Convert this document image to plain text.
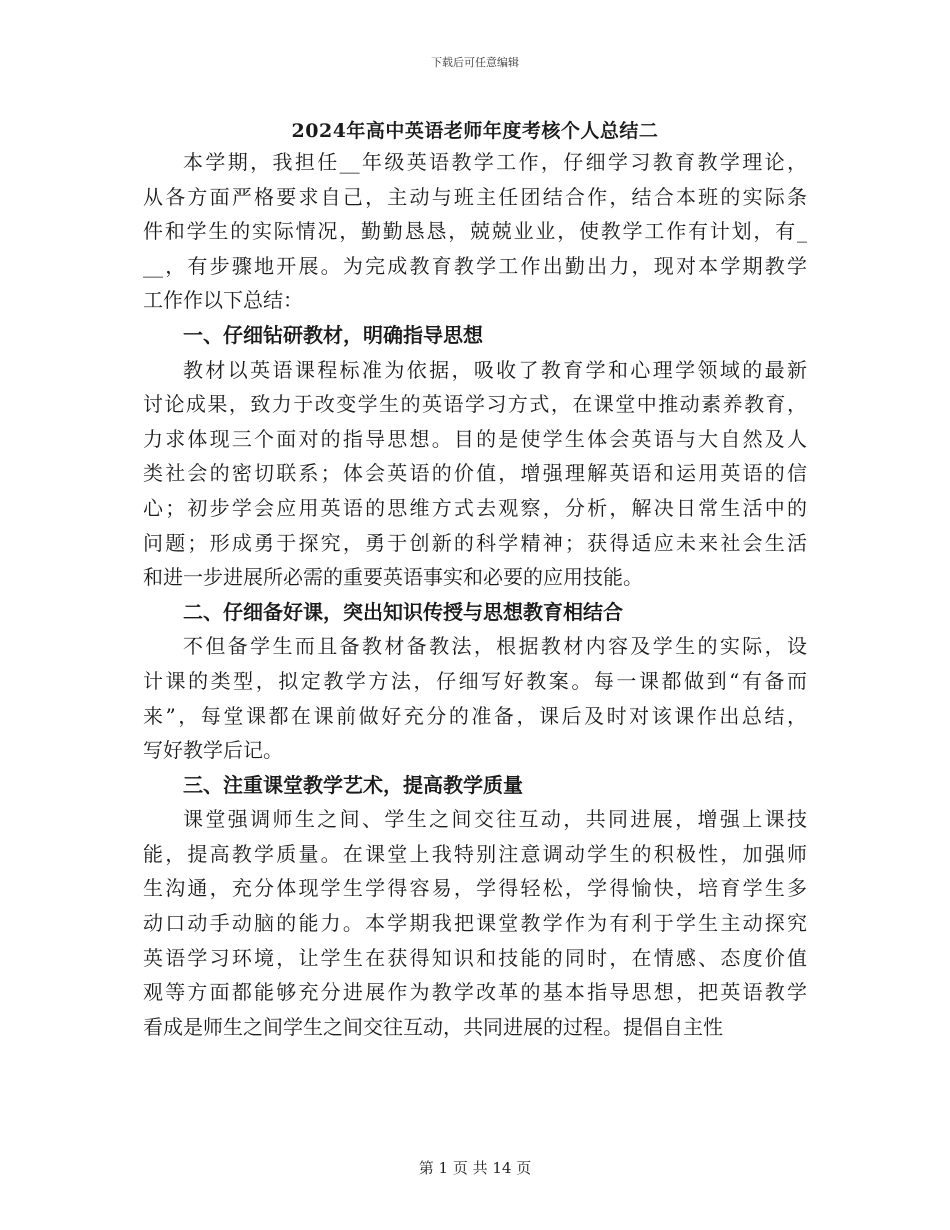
下载后可任意编辑
2024年高中英语老师年度考核个人总结二
本学期，我担任__年级英语教学工作，仔细学习教育教学理论，
从各方面严格要求自己，主动与班主任团结合作，结合本班的实际条
件和学生的实际情况，勤勤恳恳，兢兢业业，使教学工作有计划，有_
__，有步骤地开展。为完成教育教学工作出勤出力，现对本学期教学
工作作以下总结：
一、仔细钻研教材，明确指导思想
教材以英语课程标准为依据，吸收了教育学和心理学领域的最新
讨论成果，致力于改变学生的英语学习方式，在课堂中推动素养教育，
力求体现三个面对的指导思想。目的是使学生体会英语与大自然及人
类社会的密切联系；体会英语的价值，增强理解英语和运用英语的信
心；初步学会应用英语的思维方式去观察，分析，解决日常生活中的
问题；形成勇于探究，勇于创新的科学精神；获得适应未来社会生活
和进一步进展所必需的重要英语事实和必要的应用技能。
二、仔细备好课，突出知识传授与思想教育相结合
不但备学生而且备教材备教法，根据教材内容及学生的实际，设
计课的类型，拟定教学方法，仔细写好教案。每一课都做到“有备而
来”，每堂课都在课前做好充分的准备，课后及时对该课作出总结，
写好教学后记。
三、注重课堂教学艺术，提高教学质量
课堂强调师生之间、学生之间交往互动，共同进展，增强上课技
能，提高教学质量。在课堂上我特别注意调动学生的积极性，加强师
生沟通，充分体现学生学得容易，学得轻松，学得愉快，培育学生多
动口动手动脑的能力。本学期我把课堂教学作为有利于学生主动探究
英语学习环境，让学生在获得知识和技能的同时，在情感、态度价值
观等方面都能够充分进展作为教学改革的基本指导思想，把英语教学
看成是师生之间学生之间交往互动，共同进展的过程。提倡自主性
第 1 页 共 14 页
